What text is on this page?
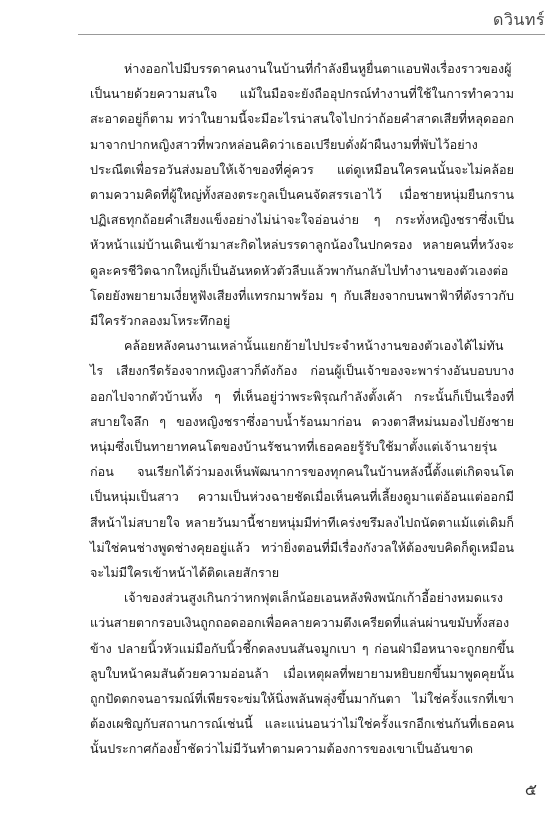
ดวินทร์

ห่างออกไปมีบรรดาคนงานในบ้านที่กำลังยืนหูยื่นตาแอบฟังเรื่องราวของผู้เป็นนายด้วยความสนใจ แม้ในมือจะยังถืออุปกรณ์ทำงานที่ใช้ในการทำความสะอาดอยู่ก็ตาม ทว่าในยามนี้จะมีอะไรน่าสนใจไปกว่าถ้อยคำสาดเสียที่หลุดออกมาจากปากหญิงสาวที่พวกหล่อนคิดว่าเธอเปรียบดั่งผ้าผืนงามที่พับไว้อย่างประณีตเพื่อรอวันส่งมอบให้เจ้าของที่คู่ควร แต่ดูเหมือนใครคนนั้นจะไม่คล้อยตามความคิดที่ผู้ใหญ่ทั้งสองตระกูลเป็นคนจัดสรรเอาไว้ เมื่อชายหนุ่มยืนกรานปฏิเสธทุกถ้อยคำเสียงแข็งอย่างไม่น่าจะใจอ่อนง่าย ๆ กระทั่งหญิงชราซึ่งเป็นหัวหน้าแม่บ้านเดินเข้ามาสะกิดไหล่บรรดาลูกน้องในปกครอง หลายคนที่หวังจะดูละครชีวิตฉากใหญ่ก็เป็นอันหดหัวตัวลีบแล้วพากันกลับไปทำงานของตัวเองต่อโดยยังพยายามเงี่ยหูฟังเสียงที่แทรกมาพร้อม ๆ กับเสียงจากบนพาฟ้าที่ดังราวกับมีใครรัวกลองมโหระทึกอยู่

คล้อยหลังคนงานเหล่านั้นแยกย้ายไปประจำหน้างานของตัวเองได้ไม่ทันไร เสียงกรีดร้องจากหญิงสาวก็ดังก้อง ก่อนผู้เป็นเจ้าของจะพาร่างอันบอบบางออกไปจากตัวบ้านทั้ง ๆ ที่เห็นอยู่ว่าพระพิรุณกำลังตั้งเค้า กระนั้นก็เป็นเรื่องที่สบายใจลึก ๆ ของหญิงชราซึ่งอาบน้ำร้อนมาก่อน ดวงตาสีหม่นมองไปยังชายหนุ่มซึ่งเป็นทายาทคนโตของบ้านรัชนาทที่เธอคอยรู้รับใช้มาตั้งแต่เจ้านายรุ่นก่อน จนเรียกได้ว่ามองเห็นพัฒนาการของทุกคนในบ้านหลังนี้ตั้งแต่เกิดจนโตเป็นหนุ่มเป็นสาว ความเป็นห่วงฉายชัดเมื่อเห็นคนที่เลี้ยงดูมาแต่อ้อนแต่ออกมีสีหน้าไม่สบายใจ หลายวันมานี้ชายหนุ่มมีท่าทีเคร่งขรึมลงไปถนัดตาแม้แต่เดิมก็ไม่ใช่คนช่างพูดช่างคุยอยู่แล้ว ทว่ายิ่งตอนที่มีเรื่องกังวลให้ต้องขบคิดก็ดูเหมือนจะไม่มีใครเข้าหน้าได้ติดเลยสักราย

เจ้าของส่วนสูงเกินกว่าหกฟุตเล็กน้อยเอนหลังพิงพนักเก้าอี้อย่างหมดแรง แว่นสายตากรอบเงินถูกถอดออกเพื่อคลายความตึงเครียดที่แล่นผ่านขมับทั้งสองข้าง ปลายนิ้วหัวแม่มือกับนิ้วชี้กดลงบนสันจมูกเบา ๆ ก่อนฝ่ามือหนาจะถูกยกขึ้นลูบใบหน้าคมสันด้วยความอ่อนล้า เมื่อเหตุผลที่พยายามหยิบยกขึ้นมาพูดคุยนั้นถูกปัดตกจนอารมณ์ที่เพียรจะข่มให้นิ่งพลันพลุ่งขึ้นมากันตา ไม่ใช่ครั้งแรกที่เขาต้องเผชิญกับสถานการณ์เช่นนี้ และแน่นอนว่าไม่ใช่ครั้งแรกอีกเช่นกันที่เธอคนนั้นประกาศก้องย้ำชัดว่าไม่มีวันทำตามความต้องการของเขาเป็นอันขาด

๕
